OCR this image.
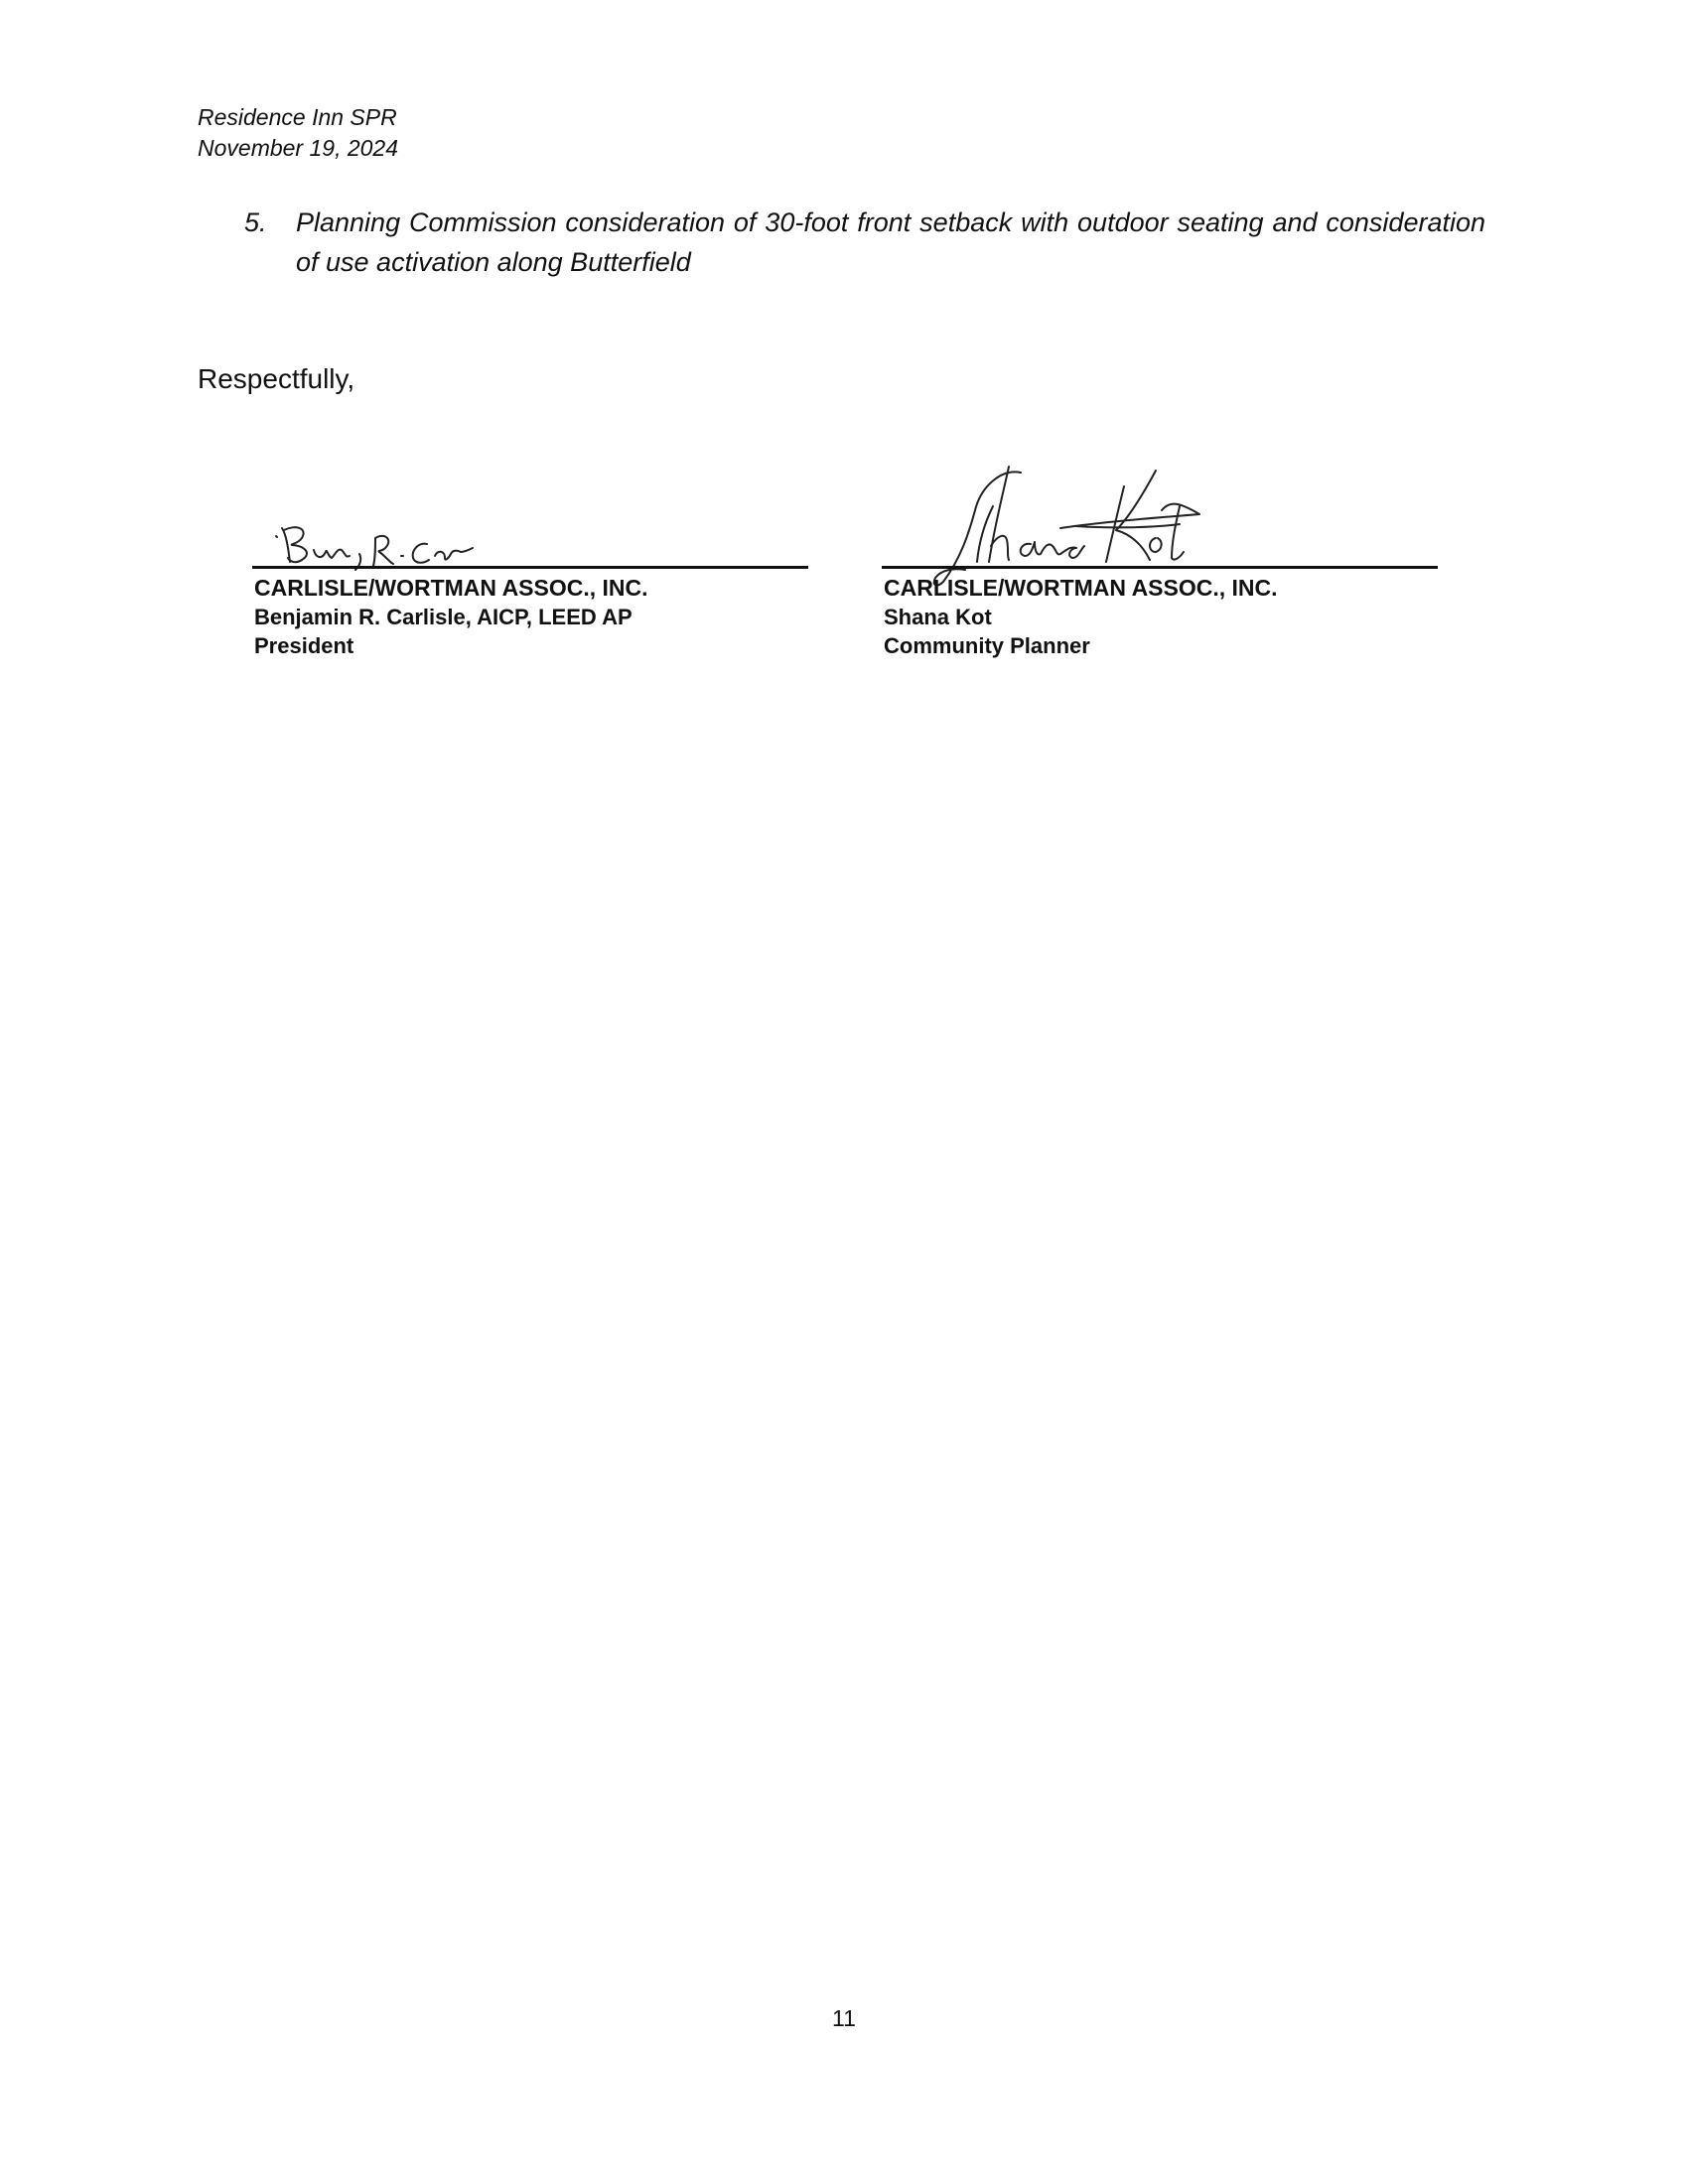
Residence Inn SPR
November 19, 2024
5. Planning Commission consideration of 30-foot front setback with outdoor seating and consideration of use activation along Butterfield
Respectfully,
CARLISLE/WORTMAN ASSOC., INC.
Benjamin R. Carlisle, AICP, LEED AP
President
CARLISLE/WORTMAN ASSOC., INC.
Shana Kot
Community Planner
11
